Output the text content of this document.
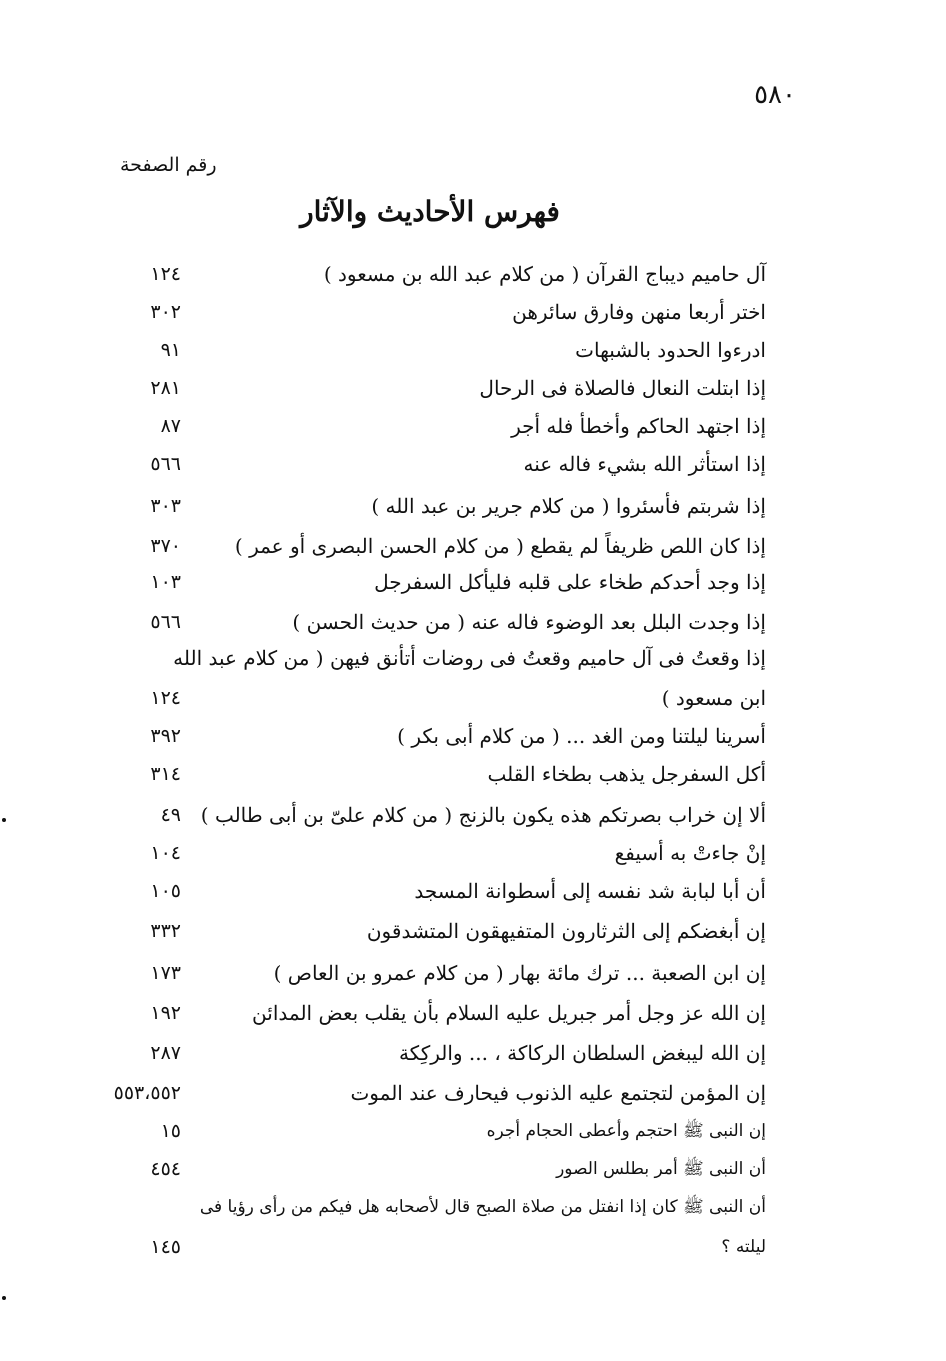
٥٨٠
رقم الصفحة
فهرس الأحاديث والآثار
آل حاميم ديباج القرآن ( من كلام عبد الله بن مسعود )
١٢٤
اختر أربعا منهن وفارق سائرهن
٣٠٢
ادرءوا الحدود بالشبهات
٩١
إذا ابتلت النعال فالصلاة فى الرحال
٢٨١
إذا اجتهد الحاكم وأخطأ فله أجر
٨٧
إذا استأثر الله بشيء فاله عنه
٥٦٦
إذا شربتم فأسئروا ( من كلام جرير بن عبد الله )
٣٠٣
إذا كان اللص ظريفاً لم يقطع ( من كلام الحسن البصرى أو عمر )
٣٧٠
إذا وجد أحدكم طخاء على قلبه فليأكل السفرجل
١٠٣
إذا وجدت البلل بعد الوضوء فاله عنه ( من حديث الحسن )
٥٦٦
إذا وقعتُ فى آل حاميم وقعتُ فى روضات أتأنق فيهن ( من كلام عبد الله
ابن مسعود )
١٢٤
أسرينا ليلتنا ومن الغد ... ( من كلام أبى بكر )
٣٩٢
أكل السفرجل يذهب بطخاء القلب
٣١٤
ألا إن خراب بصرتكم هذه يكون بالزنج ( من كلام علىّ بن أبى طالب )
٤٩
إنْ جاءتْ به أسيفع
١٠٤
أن أبا لبابة شد نفسه إلى أسطوانة المسجد
١٠٥
إن أبغضكم إلى الثرثارون المتفيهقون المتشدقون
٣٣٢
إن ابن الصعبة ... ترك مائة بهار ( من كلام عمرو بن العاص )
١٧٣
إن الله عز وجل أمر جبريل عليه السلام بأن يقلب بعض المدائن
١٩٢
إن الله ليبغض السلطان الركاكة ، ... والركِكة
٢٨٧
إن المؤمن لتجتمع عليه الذنوب فيحارف عند الموت
٥٥٣،٥٥٢
إن النبى ﷺ احتجم وأعطى الحجام أجره
١٥
أن النبى ﷺ أمر بطلس الصور
٤٥٤
أن النبى ﷺ كان إذا انفتل من صلاة الصبح قال لأصحابه هل فيكم من رأى رؤيا فى
ليلته ؟
١٤٥
